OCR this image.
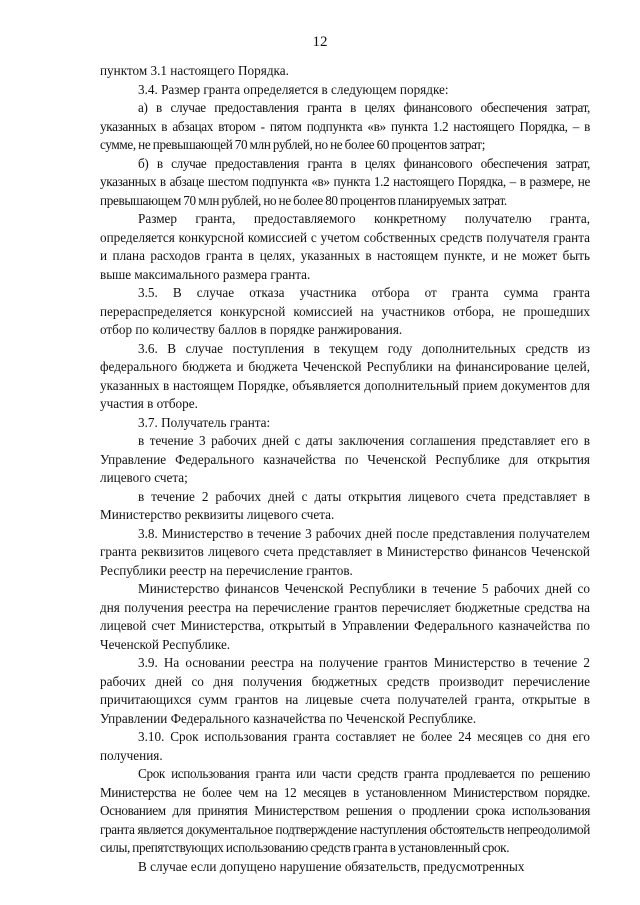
12

пунктом 3.1 настоящего Порядка.

3.4. Размер гранта определяется в следующем порядке:

а) в случае предоставления гранта в целях финансового обеспечения затрат, указанных в абзацах втором - пятом подпункта «в» пункта 1.2 настоящего Порядка, – в сумме, не превышающей 70 млн рублей, но не более 60 процентов затрат;

б) в случае предоставления гранта в целях финансового обеспечения затрат, указанных в абзаце шестом подпункта «в» пункта 1.2 настоящего Порядка, – в размере, не превышающем 70 млн рублей, но не более 80 процентов планируемых затрат.

Размер гранта, предоставляемого конкретному получателю гранта, определяется конкурсной комиссией с учетом собственных средств получателя гранта и плана расходов гранта в целях, указанных в настоящем пункте, и не может быть выше максимального размера гранта.

3.5. В случае отказа участника отбора от гранта сумма гранта перераспределяется конкурсной комиссией на участников отбора, не прошедших отбор по количеству баллов в порядке ранжирования.

3.6. В случае поступления в текущем году дополнительных средств из федерального бюджета и бюджета Чеченской Республики на финансирование целей, указанных в настоящем Порядке, объявляется дополнительный прием документов для участия в отборе.

3.7. Получатель гранта:

в течение 3 рабочих дней с даты заключения соглашения представляет его в Управление Федерального казначейства по Чеченской Республике для открытия лицевого счета;

в течение 2 рабочих дней с даты открытия лицевого счета представляет в Министерство реквизиты лицевого счета.

3.8. Министерство в течение 3 рабочих дней после представления получателем гранта реквизитов лицевого счета представляет в Министерство финансов Чеченской Республики реестр на перечисление грантов.

Министерство финансов Чеченской Республики в течение 5 рабочих дней со дня получения реестра на перечисление грантов перечисляет бюджетные средства на лицевой счет Министерства, открытый в Управлении Федерального казначейства по Чеченской Республике.

3.9. На основании реестра на получение грантов Министерство в течение 2 рабочих дней со дня получения бюджетных средств производит перечисление причитающихся сумм грантов на лицевые счета получателей гранта, открытые в Управлении Федерального казначейства по Чеченской Республике.

3.10. Срок использования гранта составляет не более 24 месяцев со дня его получения.

Срок использования гранта или части средств гранта продлевается по решению Министерства не более чем на 12 месяцев в установленном Министерством порядке. Основанием для принятия Министерством решения о продлении срока использования гранта является документальное подтверждение наступления обстоятельств непреодолимой силы, препятствующих использованию средств гранта в установленный срок.

В случае если допущено нарушение обязательств, предусмотренных
